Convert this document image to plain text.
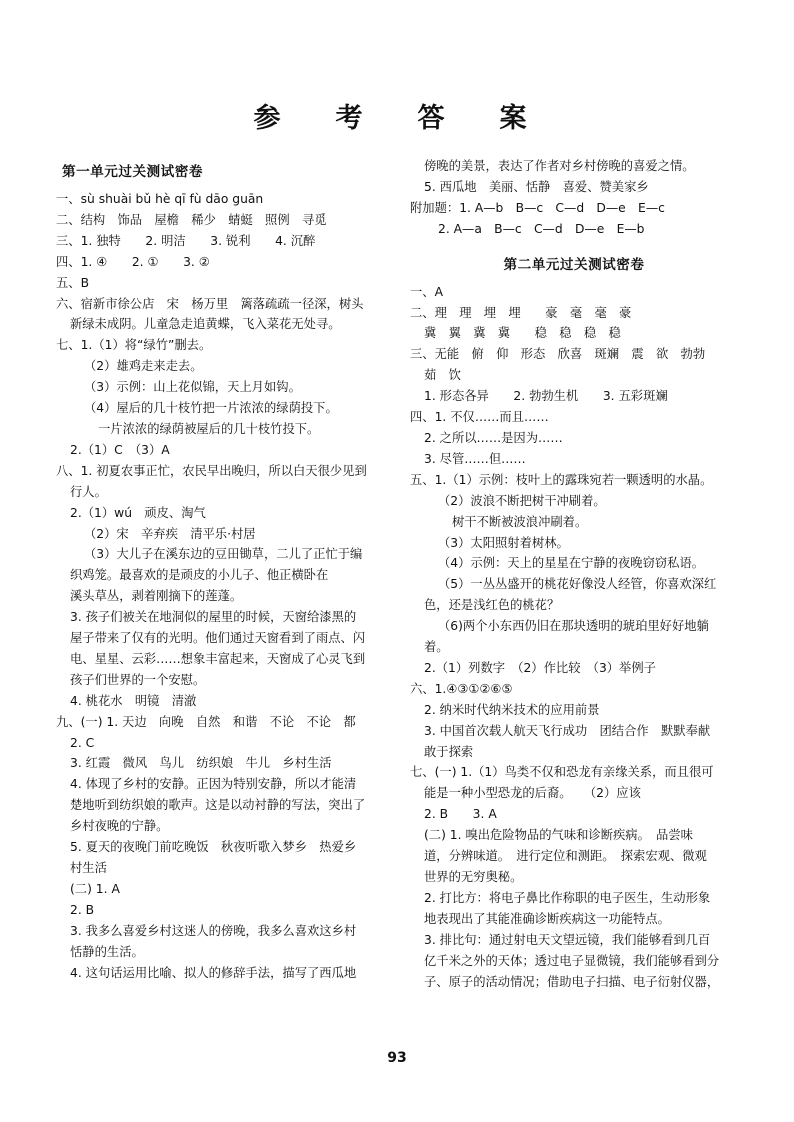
参　考　答　案
第一单元过关测试密卷
一、sù shuài bǔ hè qī fù dāo guān
二、结构　饰品　屋檐　稀少　蜻蜓　照例　寻觅
三、1. 独特　　2. 明洁　　3. 锐利　　4. 沉醉
四、1. ④　　2. ①　　3. ②
五、B
六、宿新市徐公店　宋　杨万里　篱落疏疏一径深，树头
新绿未成阴。儿童急走追黄蝶，飞入菜花无处寻。
七、1.（1）将“绿竹”删去。
（2）雄鸡走来走去。
（3）示例：山上花似锦，天上月如钩。
（4）屋后的几十枝竹把一片浓浓的绿荫投下。
一片浓浓的绿荫被屋后的几十枝竹投下。
2.（1）C　（3）A
八、1. 初夏农事正忙，农民早出晚归，所以白天很少见到
行人。
2.（1）wú　顽皮、淘气
（2）宋　辛弃疾　清平乐·村居
（3）大儿子在溪东边的豆田锄草，二儿了正忙于编
织鸡笼。最喜欢的是顽皮的小儿子、他正横卧在
溪头草丛，剥着刚摘下的莲蓬。
3. 孩子们被关在地洞似的屋里的时候，天窗给漆黑的
屋子带来了仅有的光明。他们通过天窗看到了雨点、闪
电、星星、云彩……想象丰富起来，天窗成了心灵飞到
孩子们世界的一个安慰。
4. 桃花水　明镜　清澈
九、(一) 1. 天边　向晚　自然　和谐　不论　不论　都
2. C
3. 红霞　微风　鸟儿　纺织娘　牛儿　乡村生活
4. 体现了乡村的安静。正因为特别安静，所以才能清
楚地听到纺织娘的歌声。这是以动衬静的写法，突出了
乡村夜晚的宁静。
5. 夏天的夜晚门前吃晚饭　秋夜听歌入梦乡　热爱乡
村生活
(二) 1. A
2. B
3. 我多么喜爱乡村这迷人的傍晚，我多么喜欢这乡村
恬静的生活。
4. 这句话运用比喻、拟人的修辞手法，描写了西瓜地
傍晚的美景，表达了作者对乡村傍晚的喜爱之情。
5. 西瓜地　美丽、恬静　喜爱、赞美家乡
附加题：1. A—b　B—c　C—d　D—e　E—c
2. A—a　B—c　C—d　D—e　E—b
第二单元过关测试密卷
一、A
二、理　理　埋　埋　　豪　毫　毫　豪
冀　翼　冀　冀　　稳　稳　稳　稳
三、无能　俯　仰　形态　欣喜　斑斓　震　欲　勃勃
茹　饮
1. 形态各异　　2. 勃勃生机　　3. 五彩斑斓
四、1. 不仅……而且……
2. 之所以……是因为……
3. 尽管……但……
五、1.（1）示例：枝叶上的露珠宛若一颗透明的水晶。
（2）波浪不断把树干冲刷着。
树干不断被波浪冲刷着。
（3）太阳照射着树林。
（4）示例：天上的星星在宁静的夜晚窃窃私语。
（5）一丛丛盛开的桃花好像没人经管，你喜欢深红
色，还是浅红色的桃花？
（6)两个小东西仍旧在那块透明的琥珀里好好地躺
着。
2.（1）列数字　（2）作比较　（3）举例子
六、1.④③①②⑥⑤
2. 纳米时代纳米技术的应用前景
3. 中国首次载人航天飞行成功　团结合作　默默奉献
敢于探索
七、(一) 1.（1）鸟类不仅和恐龙有亲缘关系，而且很可
能是一种小型恐龙的后裔。　　（2）应该
2. B　　3. A
(二) 1. 嗅出危险物品的气味和诊断疾病。　品尝味
道，分辨味道。　进行定位和测距。　探索宏观、微观
世界的无穷奥秘。
2. 打比方：将电子鼻比作称职的电子医生，生动形象
地表现出了其能准确诊断疾病这一功能特点。
3. 排比句：通过射电天文望远镜，我们能够看到几百
亿千米之外的天体；透过电子显微镜，我们能够看到分
子、原子的活动情况；借助电子扫描、电子衍射仪器，
93
